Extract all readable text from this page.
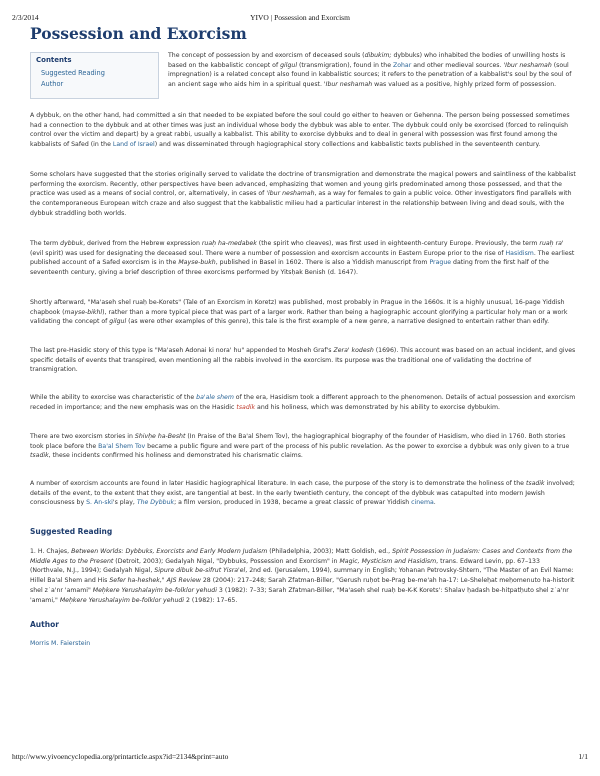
2/3/2014	YIVO | Possession and Exorcism
Possession and Exorcism
Contents
Suggested Reading
Author
The concept of possession by and exorcism of deceased souls (dibukim; dybbuks) who inhabited the bodies of unwilling hosts is based on the kabbalistic concept of gilgul (transmigration), found in the Zohar and other medieval sources. 'Ibur neshamah (soul impregnation) is a related concept also found in kabbalistic sources; it refers to the penetration of a kabbalist's soul by the soul of an ancient sage who aids him in a spiritual quest. 'Ibur neshamah was valued as a positive, highly prized form of possession.
A dybbuk, on the other hand, had committed a sin that needed to be expiated before the soul could go either to heaven or Gehenna. The person being possessed sometimes had a connection to the dybbuk and at other times was just an individual whose body the dybbuk was able to enter. The dybbuk could only be exorcised (forced to relinquish control over the victim and depart) by a great rabbi, usually a kabbalist. This ability to exorcise dybbuks and to deal in general with possession was first found among the kabbalists of Safed (in the Land of Israel) and was disseminated through hagiographical story collections and kabbalistic texts published in the seventeenth century.
Some scholars have suggested that the stories originally served to validate the doctrine of transmigration and demonstrate the magical powers and saintliness of the kabbalist performing the exorcism. Recently, other perspectives have been advanced, emphasizing that women and young girls predominated among those possessed, and that the practice was used as a means of social control, or, alternatively, in cases of 'ibur neshamah, as a way for females to gain a public voice. Other investigators find parallels with the contemporaneous European witch craze and also suggest that the kabbalistic milieu had a particular interest in the relationship between living and dead souls, with the dybbuk straddling both worlds.
The term dybbuk, derived from the Hebrew expression ruaḥ ha-medabek (the spirit who cleaves), was first used in eighteenth-century Europe. Previously, the term ruaḥ ra' (evil spirit) was used for designating the deceased soul. There were a number of possession and exorcism accounts in Eastern Europe prior to the rise of Hasidism. The earliest published account of a Safed exorcism is in the Mayse-bukh, published in Basel in 1602. There is also a Yiddish manuscript from Prague dating from the first half of the seventeenth century, giving a brief description of three exorcisms performed by Yitsḥak Benish (d. 1647).
Shortly afterward, "Ma'aseh shel ruaḥ be-Korets" (Tale of an Exorcism in Koretz) was published, most probably in Prague in the 1660s. It is a highly unusual, 16-page Yiddish chapbook (mayse-bikhl), rather than a more typical piece that was part of a larger work. Rather than being a hagiographic account glorifying a particular holy man or a work validating the concept of gilgul (as were other examples of this genre), this tale is the first example of a new genre, a narrative designed to entertain rather than edify.
The last pre-Hasidic story of this type is "Ma'aseh Adonai ki nora' hu" appended to Mosheh Graf's Zera' kodesh (1696). This account was based on an actual incident, and gives specific details of events that transpired, even mentioning all the rabbis involved in the exorcism. Its purpose was the traditional one of validating the doctrine of transmigration.
While the ability to exorcise was characteristic of the ba'ale shem of the era, Hasidism took a different approach to the phenomenon. Details of actual possession and exorcism receded in importance; and the new emphasis was on the Hasidic tsadik and his holiness, which was demonstrated by his ability to exorcise dybbukim.
There are two exorcism stories in Shivḥe ha-Besht (In Praise of the Ba'al Shem Tov), the hagiographical biography of the founder of Hasidism, who died in 1760. Both stories took place before the Ba'al Shem Tov became a public figure and were part of the process of his public revelation. As the power to exorcise a dybbuk was only given to a true tsadik, these incidents confirmed his holiness and demonstrated his charismatic claims.
A number of exorcism accounts are found in later Hasidic hagiographical literature. In each case, the purpose of the story is to demonstrate the holiness of the tsadik involved; details of the event, to the extent that they exist, are tangential at best. In the early twentieth century, the concept of the dybbuk was catapulted into modern Jewish consciousness by S. An-ski's play, The Dybbuk; a film version, produced in 1938, became a great classic of prewar Yiddish cinema.
Suggested Reading
1. H. Chajes, Between Worlds: Dybbuks, Exorcists and Early Modern Judaism (Philadelphia, 2003); Matt Goldish, ed., Spirit Possession in Judaism: Cases and Contexts from the Middle Ages to the Present (Detroit, 2003); Gedalyah Nigal, "Dybbuks, Possession and Exorcism" in Magic, Mysticism and Hasidism, trans. Edward Levin, pp. 67–133 (Northvale, N.J., 1994); Gedalyah Nigal, Sipure dibuk be-sifrut Yisra'el, 2nd ed. (Jerusalem, 1994), summary in English; Yohanan Petrovsky-Shtern, "The Master of an Evil Name: Hillel Ba'al Shem and His Sefer ha-heshek," AJS Review 28 (2004): 217–248; Sarah Zfatman-Biller, "Gerush ruḥot be-Prag be-me'ah ha-17: Le-Sheleḥat meḥomenuto ha-historit shel z˙a'nr 'amami" Meḥkere Yerushalayim be-folklor yehudi 3 (1982): 7–33; Sarah Zfatman-Biller, "Ma'aseh shel ruaḥ be-K-K Korets': Shalav ḥadash be-hitpatḥuto shel z˙a'nr 'amami," Meḥkere Yerushalayim be-folklor yehudi 2 (1982): 17–65.
Author
Morris M. Faierstein
http://www.yivoencyclopedia.org/printarticle.aspx?id=2134&print=auto	1/1
